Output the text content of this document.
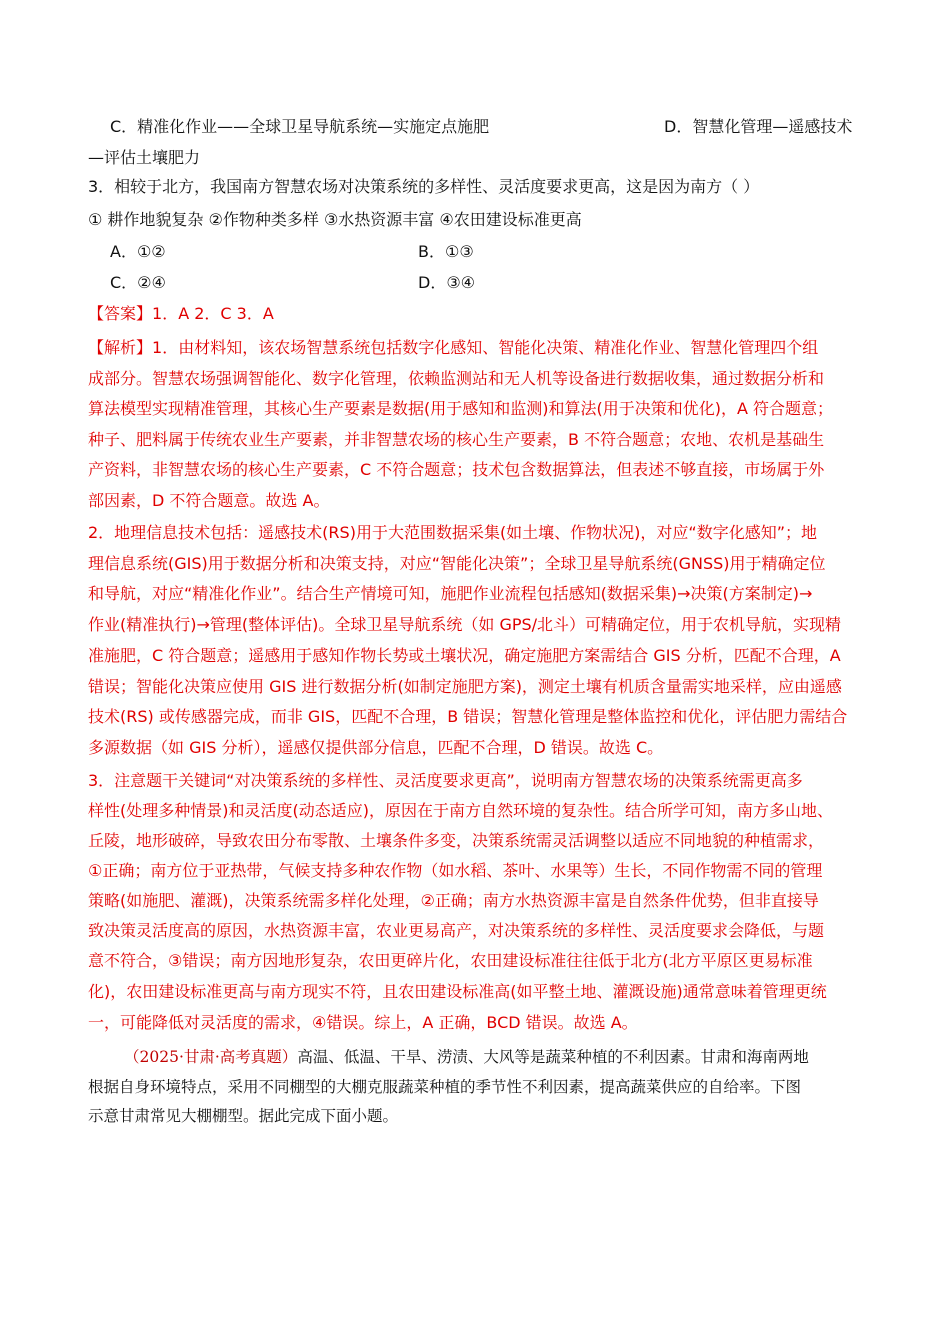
C．精准化作业——全球卫星导航系统—实施定点施肥	D．智慧化管理—遥感技术
—评估土壤肥力
3．相较于北方，我国南方智慧农场对决策系统的多样性、灵活度要求更高，这是因为南方（ ）
① 耕作地貌复杂 ②作物种类多样 ③水热资源丰富 ④农田建设标准更高
A．①②	B．①③
C．②④	D．③④
【答案】1．A 2．C 3．A
【解析】1．由材料知，该农场智慧系统包括数字化感知、智能化决策、精准化作业、智慧化管理四个组
成部分。智慧农场强调智能化、数字化管理，依赖监测站和无人机等设备进行数据收集，通过数据分析和
算法模型实现精准管理，其核心生产要素是数据(用于感知和监测)和算法(用于决策和优化)，A 符合题意；
种子、肥料属于传统农业生产要素，并非智慧农场的核心生产要素，B 不符合题意；农地、农机是基础生
产资料，非智慧农场的核心生产要素，C 不符合题意；技术包含数据算法，但表述不够直接，市场属于外
部因素，D 不符合题意。故选 A。
2．地理信息技术包括：遥感技术(RS)用于大范围数据采集(如土壤、作物状况)，对应“数字化感知”；地
理信息系统(GIS)用于数据分析和决策支持，对应“智能化决策”；全球卫星导航系统(GNSS)用于精确定位
和导航，对应“精准化作业”。结合生产情境可知，施肥作业流程包括感知(数据采集)→决策(方案制定)→
作业(精准执行)→管理(整体评估)。全球卫星导航系统（如 GPS/北斗）可精确定位，用于农机导航，实现精
准施肥，C 符合题意；遥感用于感知作物长势或土壤状况，确定施肥方案需结合 GIS 分析，匹配不合理，A
错误；智能化决策应使用 GIS 进行数据分析(如制定施肥方案)，测定土壤有机质含量需实地采样，应由遥感
技术(RS) 或传感器完成，而非 GIS，匹配不合理，B 错误；智慧化管理是整体监控和优化，评估肥力需结合
多源数据（如 GIS 分析），遥感仅提供部分信息，匹配不合理，D 错误。故选 C。
3．注意题干关键词“对决策系统的多样性、灵活度要求更高”，说明南方智慧农场的决策系统需更高多
样性(处理多种情景)和灵活度(动态适应)，原因在于南方自然环境的复杂性。结合所学可知，南方多山地、
丘陵，地形破碎，导致农田分布零散、土壤条件多变，决策系统需灵活调整以适应不同地貌的种植需求，
①正确；南方位于亚热带，气候支持多种农作物（如水稻、茶叶、水果等）生长，不同作物需不同的管理
策略(如施肥、灌溉)，决策系统需多样化处理，②正确；南方水热资源丰富是自然条件优势，但非直接导
致决策灵活度高的原因，水热资源丰富，农业更易高产，对决策系统的多样性、灵活度要求会降低，与题
意不符合，③错误；南方因地形复杂，农田更碎片化，农田建设标准往往低于北方(北方平原区更易标准
化)，农田建设标准更高与南方现实不符，且农田建设标准高(如平整土地、灌溉设施)通常意味着管理更统
一，可能降低对灵活度的需求，④错误。综上，A 正确，BCD 错误。故选 A。
（2025·甘肃·高考真题）高温、低温、干旱、涝渍、大风等是蔬菜种植的不利因素。甘肃和海南两地
根据自身环境特点，采用不同棚型的大棚克服蔬菜种植的季节性不利因素，提高蔬菜供应的自给率。下图
示意甘肃常见大棚棚型。据此完成下面小题。
